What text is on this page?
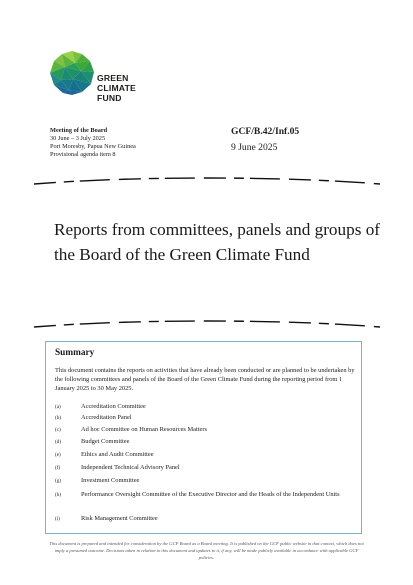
GREEN
CLIMATE
FUND
Meeting of the Board
30 June – 3 July 2025
Port Moresby, Papua New Guinea
Provisional agenda item 8
GCF/B.42/Inf.05
9 June 2025
Reports from committees, panels and groups of the Board of the Green Climate Fund
Summary
This document contains the reports on activities that have already been conducted or are planned to be undertaken by the following committees and panels of the Board of the Green Climate Fund during the reporting period from 1 January 2025 to 30 May 2025.
(a)	Accreditation Committee
(b)	Accreditation Panel
(c)	Ad hoc Committee on Human Resources Matters
(d)	Budget Committee
(e)	Ethics and Audit Committee
(f)	Independent Technical Advisory Panel
(g)	Investment Committee
(h)	Performance Oversight Committee of the Executive Director and the Heads of the Independent Units
(i)	Risk Management Committee
This document is prepared and intended for consideration by the GCF Board as a Board meeting. It is published on the GCF public website in that context, which does not imply a presumed outcome. Decisions taken in relation to this document and updates to it, if any, will be made publicly available in accordance with applicable GCF policies.
